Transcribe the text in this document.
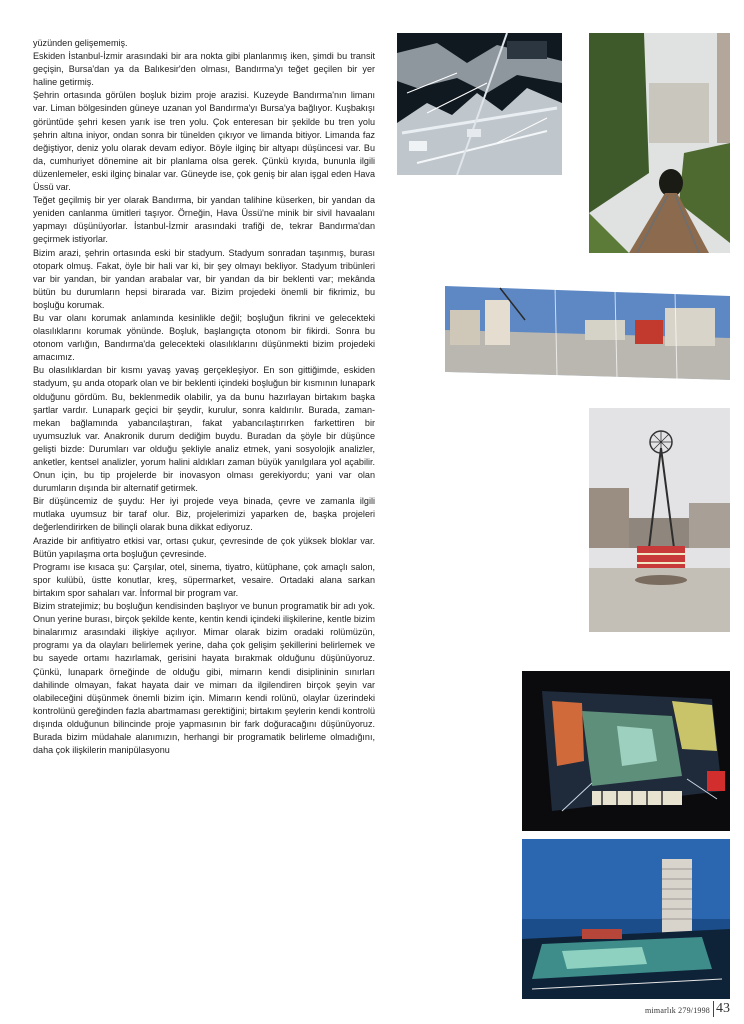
yüzünden gelişememiş.

Eskiden İstanbul-İzmir arasındaki bir ara nokta gibi planlanmış iken, şimdi bu transit geçişin, Bursa'dan ya da Balıkesir'den olması, Bandırma'yı teğet geçilen bir yer haline getirmiş.

Şehrin ortasında görülen boşluk bizim proje arazisi. Kuzeyde Bandırma'nın limanı var. Liman bölgesinden güneye uzanan yol Bandırma'yı Bursa'ya bağlıyor. Kuşbakışı görüntüde şehri kesen yarık ise tren yolu. Çok enteresan bir şekilde bu tren yolu şehrin altına iniyor, ondan sonra bir tünelden çıkıyor ve limanda bitiyor. Limanda faz değiştiyor, deniz yolu olarak devam ediyor. Böyle ilginç bir altyapı düşüncesi var. Bu da, cumhuriyet dönemine ait bir planlama olsa gerek. Çünkü kıyıda, bununla ilgili düzenlemeler, eski ilginç binalar var. Güneyde ise, çok geniş bir alan işgal eden Hava Üssü var.

Teğet geçilmiş bir yer olarak Bandırma, bir yandan talihine küserken, bir yandan da yeniden canlanma ümitleri taşıyor. Örneğin, Hava Üssü'ne minik bir sivil havaalanı yapmayı düşünüyorlar. İstanbul-İzmir arasındaki trafiği de, tekrar Bandırma'dan geçirmek istiyorlar.

Bizim arazi, şehrin ortasında eski bir stadyum. Stadyum sonradan taşınmış, burası otopark olmuş. Fakat, öyle bir hali var ki, bir şey olmayı bekliyor. Stadyum tribünleri var bir yandan, bir yandan arabalar var, bir yandan da bir beklenti var; mekânda bütün bu durumların hepsi birarada var. Bizim projedeki önemli bir fikrimiz, bu boşluğu korumak.

Bu var olanı korumak anlamında kesinlikle değil; boşluğun fikrini ve gelecekteki olasılıklarını korumak yönünde. Boşluk, başlangıçta otonom bir fikirdi. Sonra bu otonom varlığın, Bandırma'da gelecekteki olasılıklarını düşünmekti bizim projedeki amacımız.

Bu olasılıklardan bir kısmı yavaş yavaş gerçekleşiyor. En son gittiğimde, eskiden stadyum, şu anda otopark olan ve bir beklenti içindeki boşluğun bir kısmının lunapark olduğunu gördüm. Bu, beklenmedik olabilir, ya da bunu hazırlayan birtakım başka şartlar vardır. Lunapark geçici bir şeydir, kurulur, sonra kaldırılır. Burada, zaman-mekan bağlamında yabancılaştıran, fakat yabancılaştırırken farkettiren bir uyumsuzluk var. Anakronik durum dediğim buydu. Buradan da şöyle bir düşünce gelişti bizde: Durumları var olduğu şekliyle analiz etmek, yani sosyolojik analizler, anketler, kentsel analizler, yorum halini aldıkları zaman büyük yanılgılara yol açabilir. Onun için, bu tip projelerde bir inovasyon olması gerekiyordu; yani var olan durumların dışında bir alternatif getirmek.

Bir düşüncemiz de şuydu: Her iyi projede veya binada, çevre ve zamanla ilgili mutlaka uyumsuz bir taraf olur. Biz, projelerimizi yaparken de, başka projeleri değerlendirirken de bilinçli olarak buna dikkat ediyoruz.

Arazide bir anfitiyatro etkisi var, ortası çukur, çevresinde de çok yüksek bloklar var. Bütün yapılaşma orta boşluğun çevresinde.

Programı ise kısaca şu: Çarşılar, otel, sinema, tiyatro, kütüphane, çok amaçlı salon, spor kulübü, üstte konutlar, kreş, süpermarket, vesaire. Ortadaki alana sarkan birtakım spor sahaları var. İnformal bir program var.

Bizim stratejimiz; bu boşluğun kendisinden başlıyor ve bunun programatik bir adı yok. Onun yerine burası, birçok şekilde kente, kentin kendi içindeki ilişkilerine, kentle bizim binalarımız arasındaki ilişkiye açılıyor. Mimar olarak bizim oradaki rolümüzün, programı ya da olayları belirlemek yerine, daha çok gelişim şekillerini belirlemek ve bu sayede ortamı hazırlamak, gerisini hayata bırakmak olduğunu düşünüyoruz. Çünkü, lunapark örneğinde de olduğu gibi, mimarın kendi disiplininin sınırları dahilinde olmayan, fakat hayata dair ve mimarı da ilgilendiren birçok şeyin var olabileceğini düşünmek önemli bizim için. Mimarın kendi rolünü, olaylar üzerindeki kontrolünü gereğinden fazla abartmaması gerektiğini; birtakım şeylerin kendi kontrolü dışında olduğunun bilincinde proje yapmasının bir fark doğuracağını düşünüyoruz. Burada bizim müdahale alanımızın, herhangi bir programatik belirleme olmadığını, daha çok ilişkilerin manipülasyonu

mimarlık 279/1998 43
